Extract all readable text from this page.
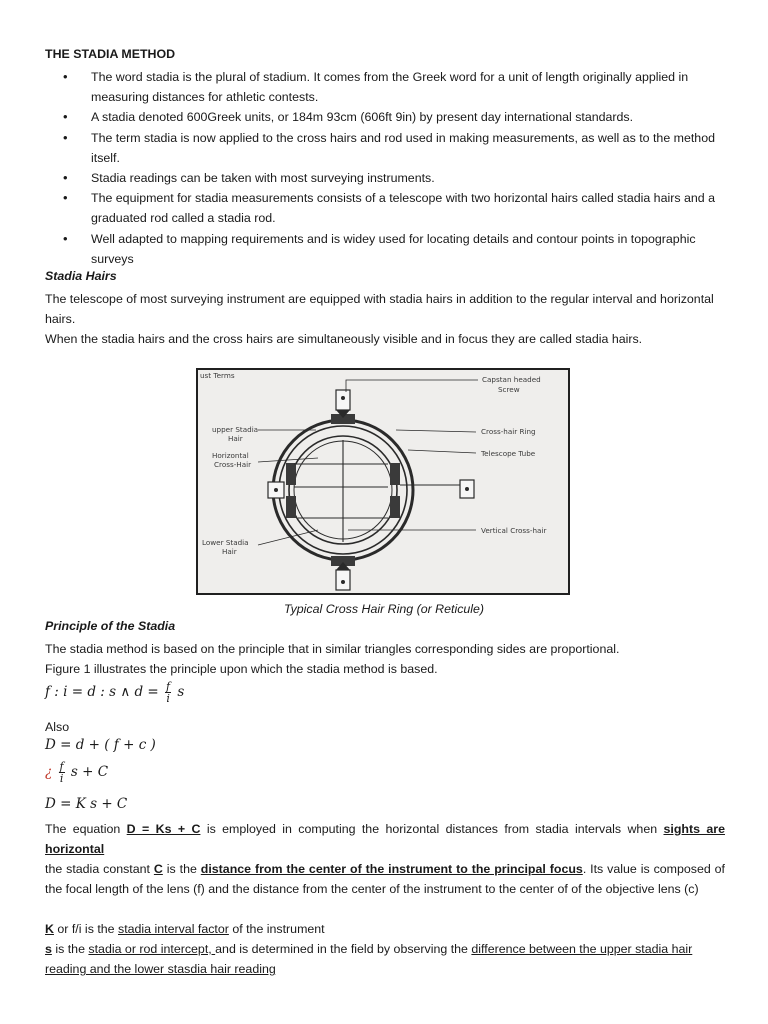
THE STADIA METHOD
• The word stadia is the plural of stadium. It comes from the Greek word for a unit of length originally applied in measuring distances for athletic contests.
• A stadia denoted 600Greek units, or 184m 93cm (606ft 9in) by present day international standards.
• The term stadia is now applied to the cross hairs and rod used in making measurements, as well as to the method itself.
• Stadia readings can be taken with most surveying instruments.
• The equipment for stadia measurements consists of a telescope with two horizontal hairs called stadia hairs and a graduated rod called a stadia rod.
• Well adapted to mapping requirements and is widey used for locating details and contour points in topographic surveys
Stadia Hairs
The telescope of most surveying instrument are equipped with stadia hairs in addition to the regular interval and horizontal hairs.
When the stadia hairs and the cross hairs are simultaneously visible and in focus they are called stadia hairs.
ust Terms	Capstan headed
Screw
Cross-hair Ring
Telescope Tube
Vertical Cross-hair
upper Stadia
Hair
Horizontal
Cross-Hair
Lower Stadia
Hair
Typical Cross Hair Ring (or Reticule)
Principle of the Stadia
The stadia method is based on the principle that in similar triangles corresponding sides are proportional.
Figure 1 illustrates the principle upon which the stadia method is based.
f : i = d : s ∧ $d = \frac{f}{i}$ s
Also
D = d + ( f + c )
¿ $\frac{f}{i}$ s + C
D = K s + C
The equation D = Ks + C is employed in computing the horizontal distances from stadia intervals when sights are horizontal
the stadia constant C is the distance from the center of the instrument to the principal focus. Its value is composed of the focal length of the lens (f) and the distance from the center of the instrument to the center of of the objective lens (c)
K or f/i is the stadia interval factor of the instrument
s is the stadia or rod intercept, and is determined in the field by observing the difference between the upper stadia hair reading and the lower stasdia hair reading
